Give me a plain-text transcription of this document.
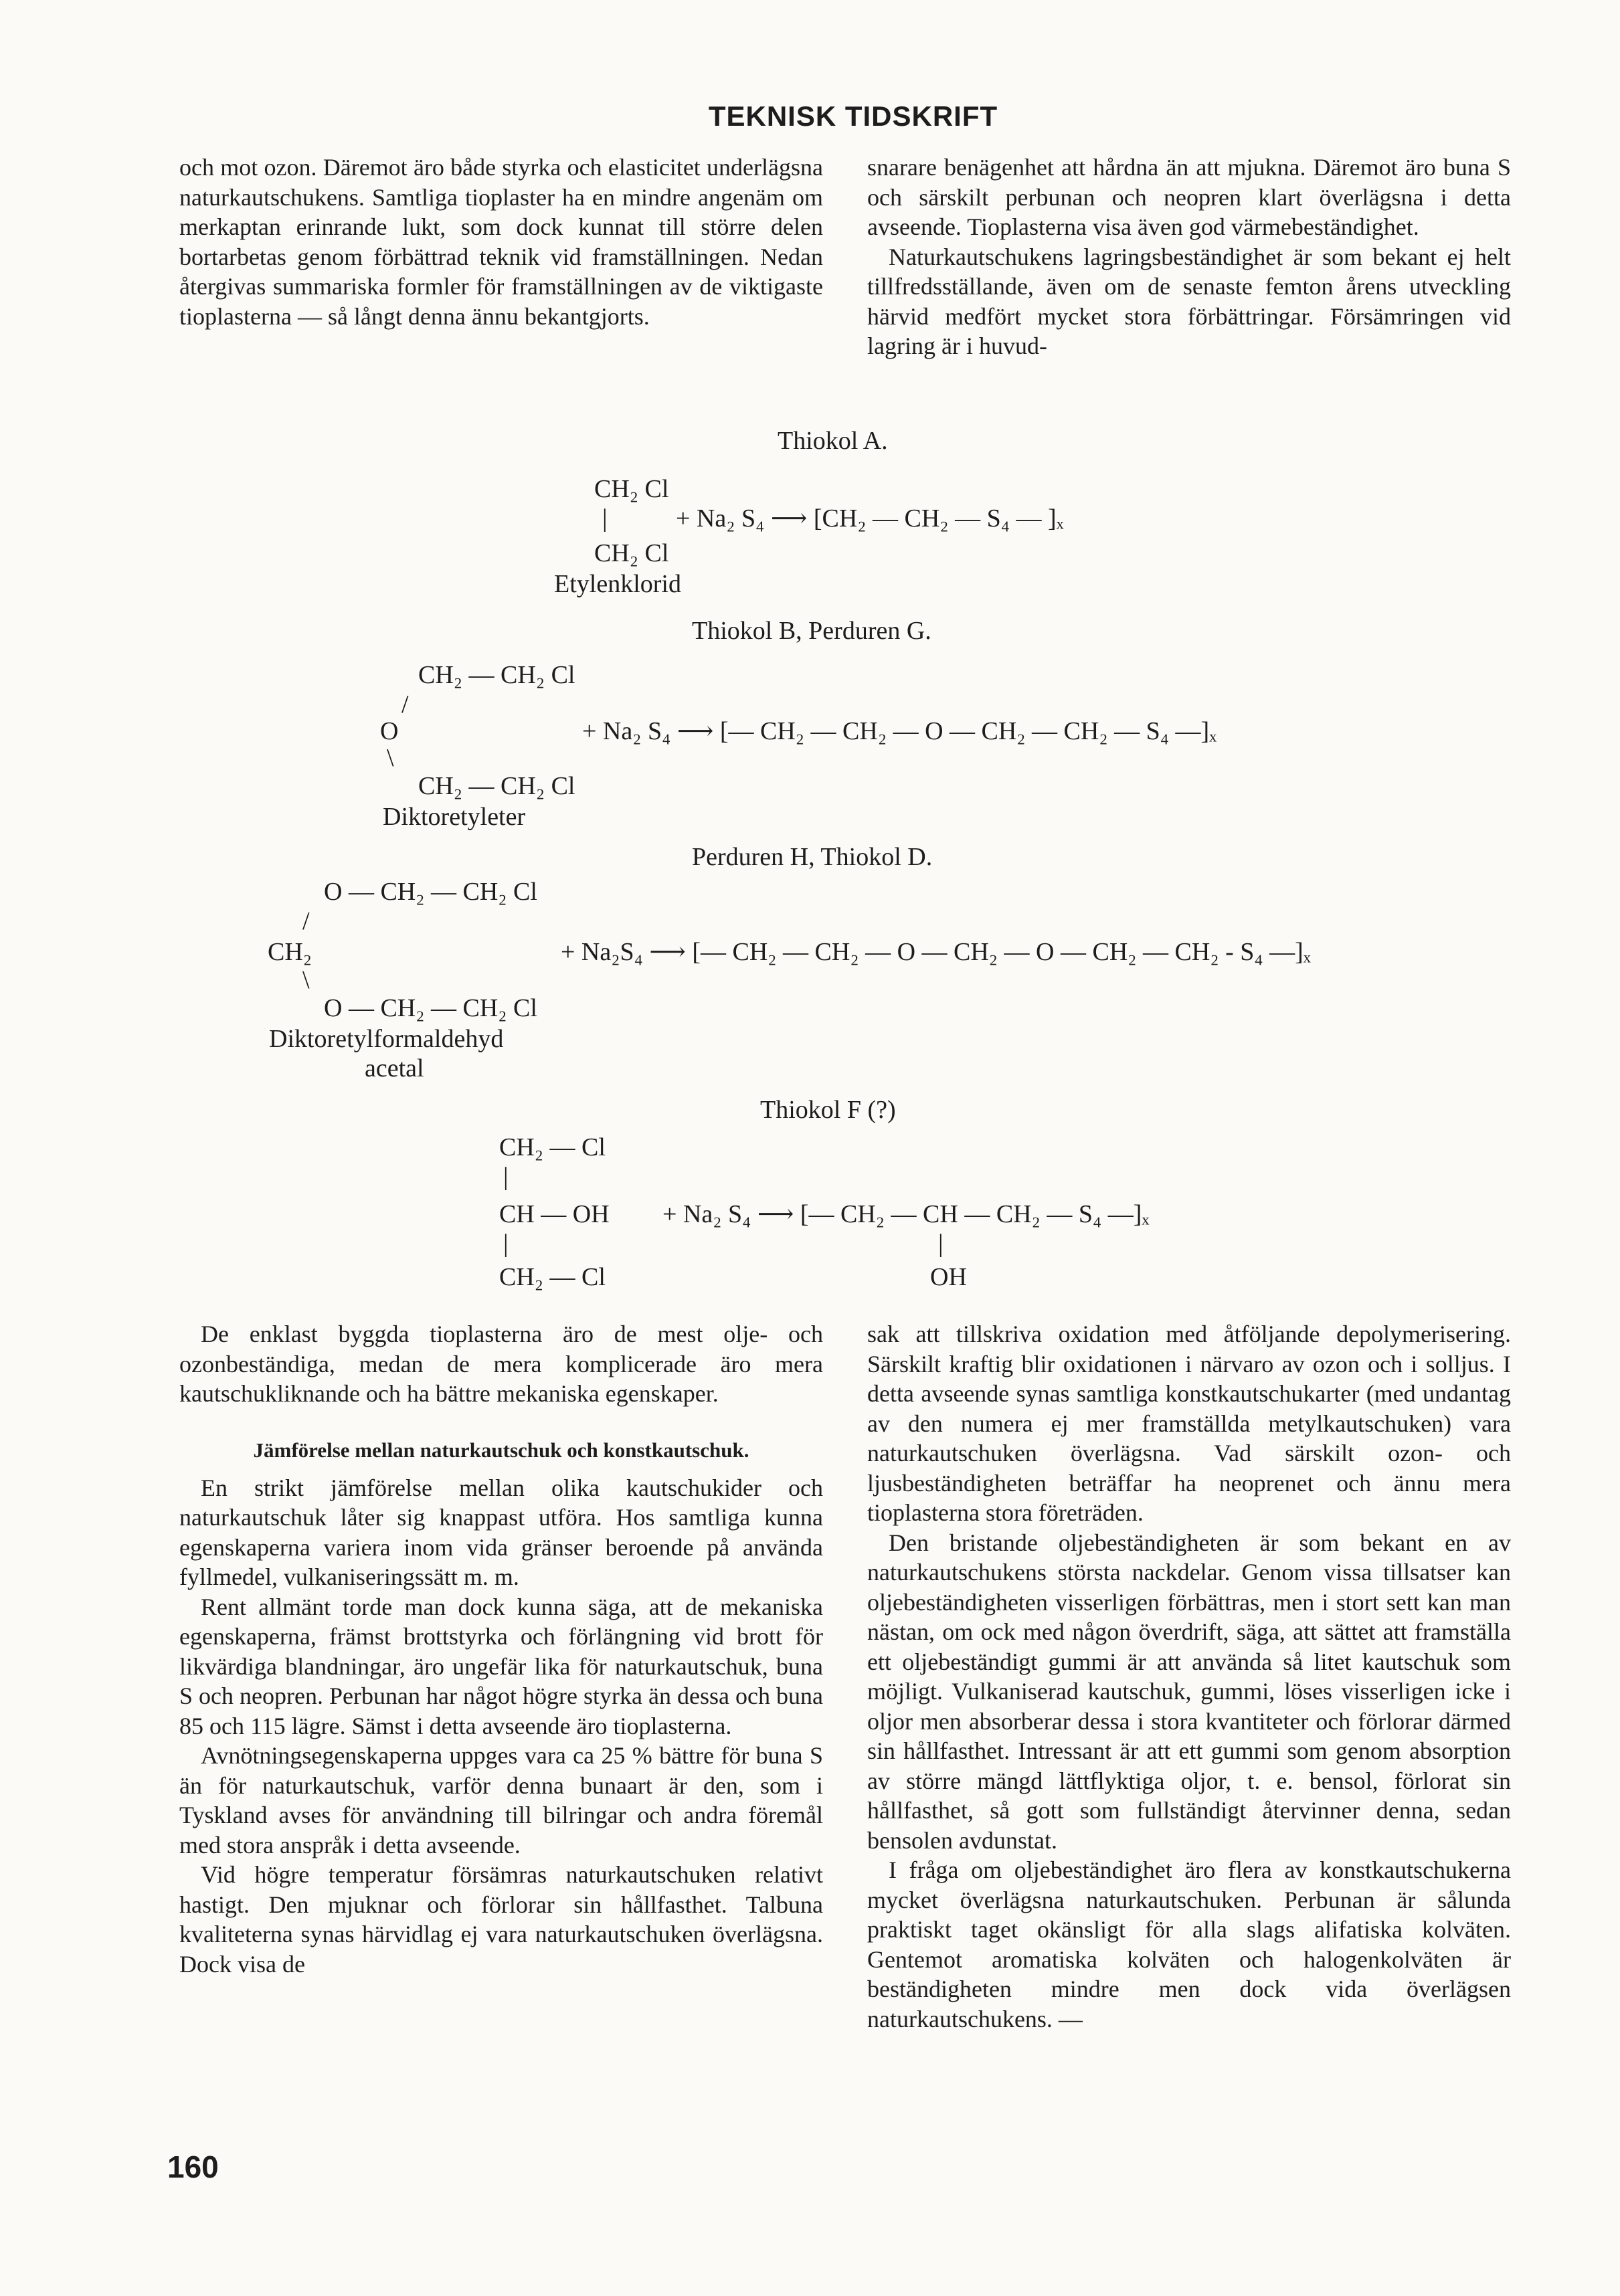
TEKNISK TIDSKRIFT

och mot ozon. Däremot äro både styrka och elasticitet underlägsna naturkautschukens. Samtliga tioplaster ha en mindre angenäm om merkaptan erinrande lukt, som dock kunnat till större delen bortarbetas genom förbättrad teknik vid framställningen. Nedan återgivas summariska formler för framställningen av de viktigaste tioplasterna — så långt denna ännu bekantgjorts.

snarare benägenhet att hårdna än att mjukna. Däremot äro buna S och särskilt perbunan och neopren klart överlägsna i detta avseende. Tioplasterna visa även god värmebeständighet.

Naturkautschukens lagringsbeständighet är som bekant ej helt tillfredsställande, även om de senaste femton årens utveckling härvid medfört mycket stora förbättringar. Försämringen vid lagring är i huvud-

Thiokol A.
CH₂ Cl
|	+ Na₂ S₄ ⟶ [CH₂ — CH₂ — S₄ — ]ₓ
CH₂ Cl
Etylenklorid
Thiokol B, Perduren G.
CH₂ — CH₂ Cl
/
O	+ Na₂ S₄ ⟶ [— CH₂ — CH₂ — O — CH₂ — CH₂ — S₄ —]ₓ
\
CH₂ — CH₂ Cl
Diktoretyleter
Perduren H, Thiokol D.
O — CH₂ — CH₂ Cl
/
CH₂	+ Na₂S₄ ⟶ [— CH₂ — CH₂ — O — CH₂ — O — CH₂ — CH₂ - S₄ —]ₓ
\
O — CH₂ — CH₂ Cl
Diktoretylformaldehyd
acetal
Thiokol F (?)
CH₂ — Cl
|
CH — OH + Na₂ S₄ ⟶ [— CH₂ — CH — CH₂ — S₄ —]ₓ
|	|
CH₂ — Cl	OH

De enklast byggda tioplasterna äro de mest olje- och ozonbeständiga, medan de mera komplicerade äro mera kautschukliknande och ha bättre mekaniska egenskaper.

Jämförelse mellan naturkautschuk och konstkautschuk.

En strikt jämförelse mellan olika kautschukider och naturkautschuk låter sig knappast utföra. Hos samtliga kunna egenskaperna variera inom vida gränser beroende på använda fyllmedel, vulkaniseringssätt m. m.

Rent allmänt torde man dock kunna säga, att de mekaniska egenskaperna, främst brottstyrka och förlängning vid brott för likvärdiga blandningar, äro ungefär lika för naturkautschuk, buna S och neopren. Perbunan har något högre styrka än dessa och buna 85 och 115 lägre. Sämst i detta avseende äro tioplasterna.

Avnötningsegenskaperna uppges vara ca 25 % bättre för buna S än för naturkautschuk, varför denna bunaart är den, som i Tyskland avses för användning till bilringar och andra föremål med stora anspråk i detta avseende.

Vid högre temperatur försämras naturkautschuken relativt hastigt. Den mjuknar och förlorar sin hållfasthet. Talbuna kvaliteterna synas härvidlag ej vara naturkautschuken överlägsna. Dock visa de

sak att tillskriva oxidation med åtföljande depolymerisering. Särskilt kraftig blir oxidationen i närvaro av ozon och i solljus. I detta avseende synas samtliga konstkautschukarter (med undantag av den numera ej mer framställda metylkautschuken) vara naturkautschuken överlägsna. Vad särskilt ozon- och ljusbeständigheten beträffar ha neoprenet och ännu mera tioplasterna stora företräden.

Den bristande oljebeständigheten är som bekant en av naturkautschukens största nackdelar. Genom vissa tillsatser kan oljebeständigheten visserligen förbättras, men i stort sett kan man nästan, om ock med någon överdrift, säga, att sättet att framställa ett oljebeständigt gummi är att använda så litet kautschuk som möjligt. Vulkaniserad kautschuk, gummi, löses visserligen icke i oljor men absorberar dessa i stora kvantiteter och förlorar därmed sin hållfasthet. Intressant är att ett gummi som genom absorption av större mängd lättflyktiga oljor, t. e. bensol, förlorat sin hållfasthet, så gott som fullständigt återvinner denna, sedan bensolen avdunstat.

I fråga om oljebeständighet äro flera av konstkautschukerna mycket överlägsna naturkautschuken. Perbunan är sålunda praktiskt taget okänsligt för alla slags alifatiska kolväten. Gentemot aromatiska kolväten och halogenkolväten är beständigheten mindre men dock vida överlägsen naturkautschukens. —

160
